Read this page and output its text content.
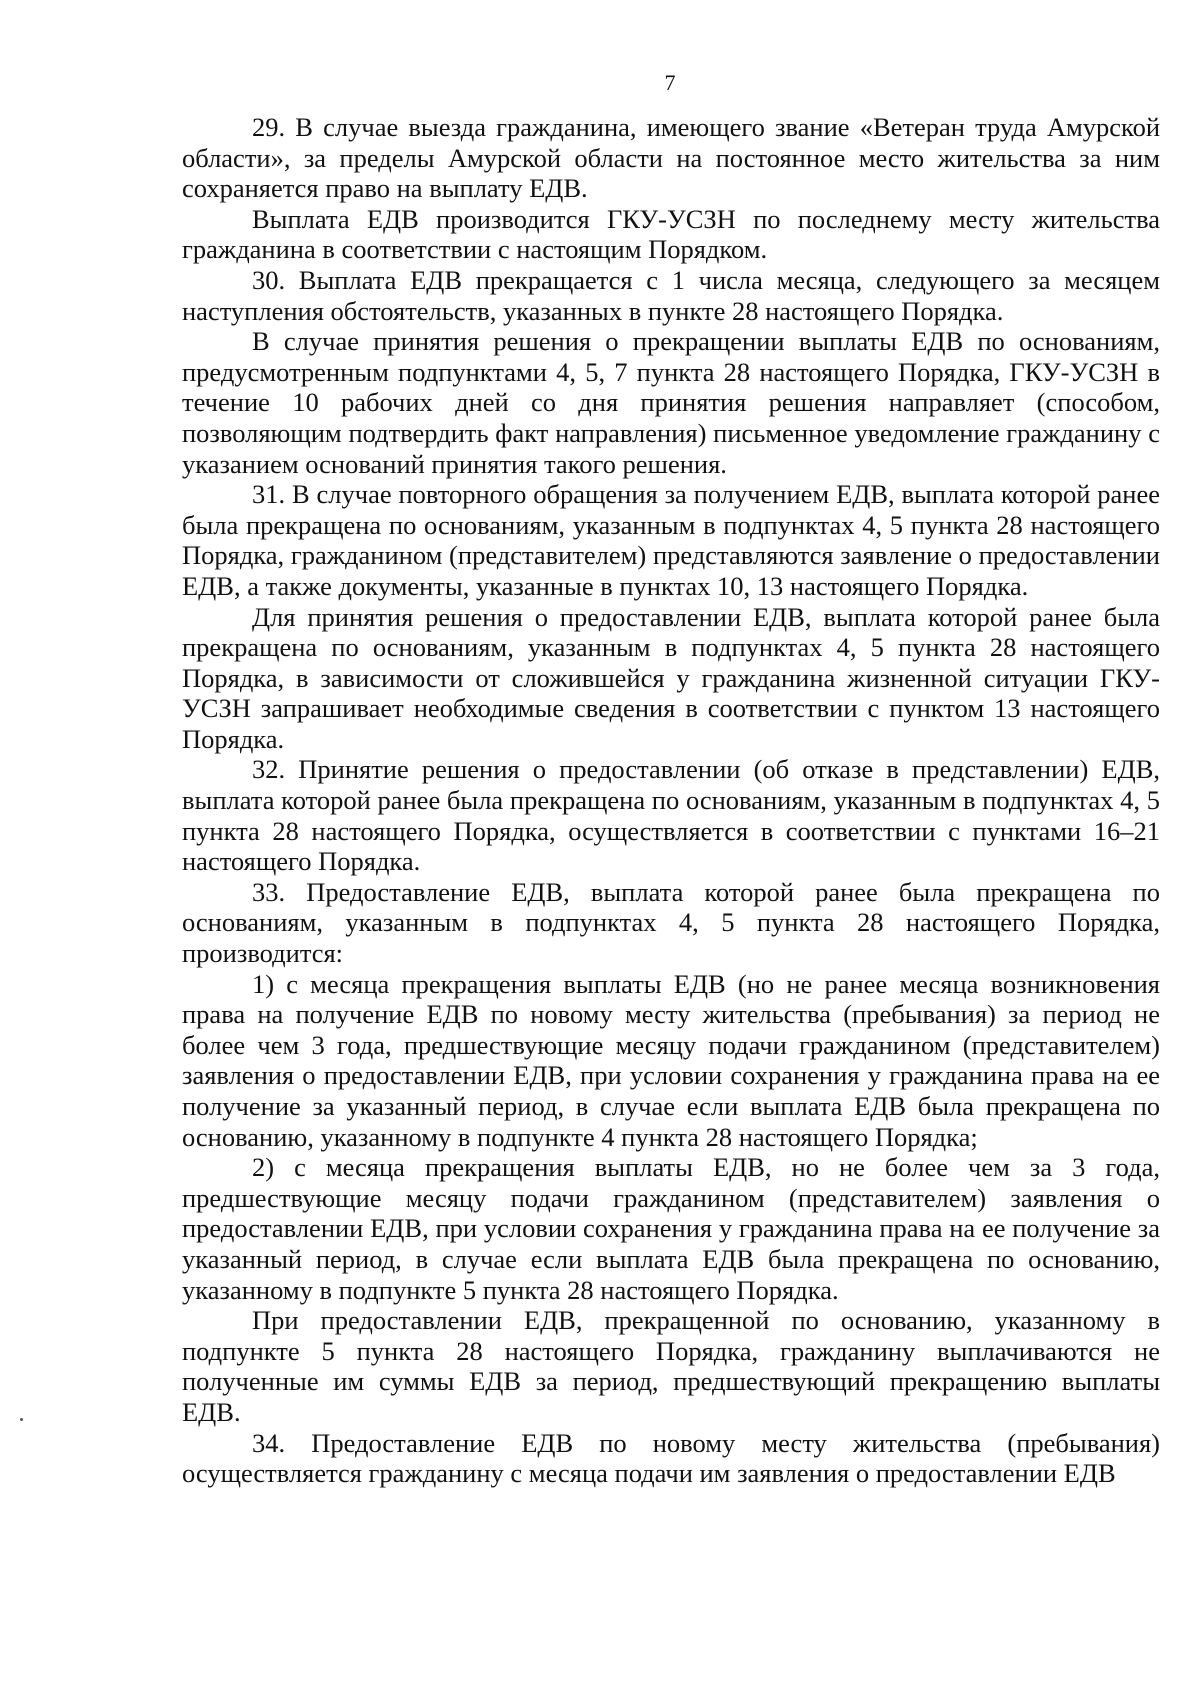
7

29. В случае выезда гражданина, имеющего звание «Ветеран труда Амурской области», за пределы Амурской области на постоянное место жительства за ним сохраняется право на выплату ЕДВ.

Выплата ЕДВ производится ГКУ-УСЗН по последнему месту жительства гражданина в соответствии с настоящим Порядком.

30. Выплата ЕДВ прекращается с 1 числа месяца, следующего за месяцем наступления обстоятельств, указанных в пункте 28 настоящего Порядка.

В случае принятия решения о прекращении выплаты ЕДВ по основаниям, предусмотренным подпунктами 4, 5, 7 пункта 28 настоящего Порядка, ГКУ-УСЗН в течение 10 рабочих дней со дня принятия решения направляет (способом, позволяющим подтвердить факт направления) письменное уведомление гражданину с указанием оснований принятия такого решения.

31. В случае повторного обращения за получением ЕДВ, выплата которой ранее была прекращена по основаниям, указанным в подпунктах 4, 5 пункта 28 настоящего Порядка, гражданином (представителем) представляются заявление о предоставлении ЕДВ, а также документы, указанные в пунктах 10, 13 настоящего Порядка.

Для принятия решения о предоставлении ЕДВ, выплата которой ранее была прекращена по основаниям, указанным в подпунктах 4, 5 пункта 28 настоящего Порядка, в зависимости от сложившейся у гражданина жизненной ситуации ГКУ-УСЗН запрашивает необходимые сведения в соответствии с пунктом 13 настоящего Порядка.

32. Принятие решения о предоставлении (об отказе в представлении) ЕДВ, выплата которой ранее была прекращена по основаниям, указанным в подпунктах 4, 5 пункта 28 настоящего Порядка, осуществляется в соответствии с пунктами 16–21 настоящего Порядка.

33. Предоставление ЕДВ, выплата которой ранее была прекращена по основаниям, указанным в подпунктах 4, 5 пункта 28 настоящего Порядка, производится:

1) с месяца прекращения выплаты ЕДВ (но не ранее месяца возникновения права на получение ЕДВ по новому месту жительства (пребывания) за период не более чем 3 года, предшествующие месяцу подачи гражданином (представителем) заявления о предоставлении ЕДВ, при условии сохранения у гражданина права на ее получение за указанный период, в случае если выплата ЕДВ была прекращена по основанию, указанному в подпункте 4 пункта 28 настоящего Порядка;

2) с месяца прекращения выплаты ЕДВ, но не более чем за 3 года, предшествующие месяцу подачи гражданином (представителем) заявления о предоставлении ЕДВ, при условии сохранения у гражданина права на ее получение за указанный период, в случае если выплата ЕДВ была прекращена по основанию, указанному в подпункте 5 пункта 28 настоящего Порядка.

При предоставлении ЕДВ, прекращенной по основанию, указанному в подпункте 5 пункта 28 настоящего Порядка, гражданину выплачиваются не полученные им суммы ЕДВ за период, предшествующий прекращению выплаты ЕДВ.

34. Предоставление ЕДВ по новому месту жительства (пребывания) осуществляется гражданину с месяца подачи им заявления о предоставлении ЕДВ
